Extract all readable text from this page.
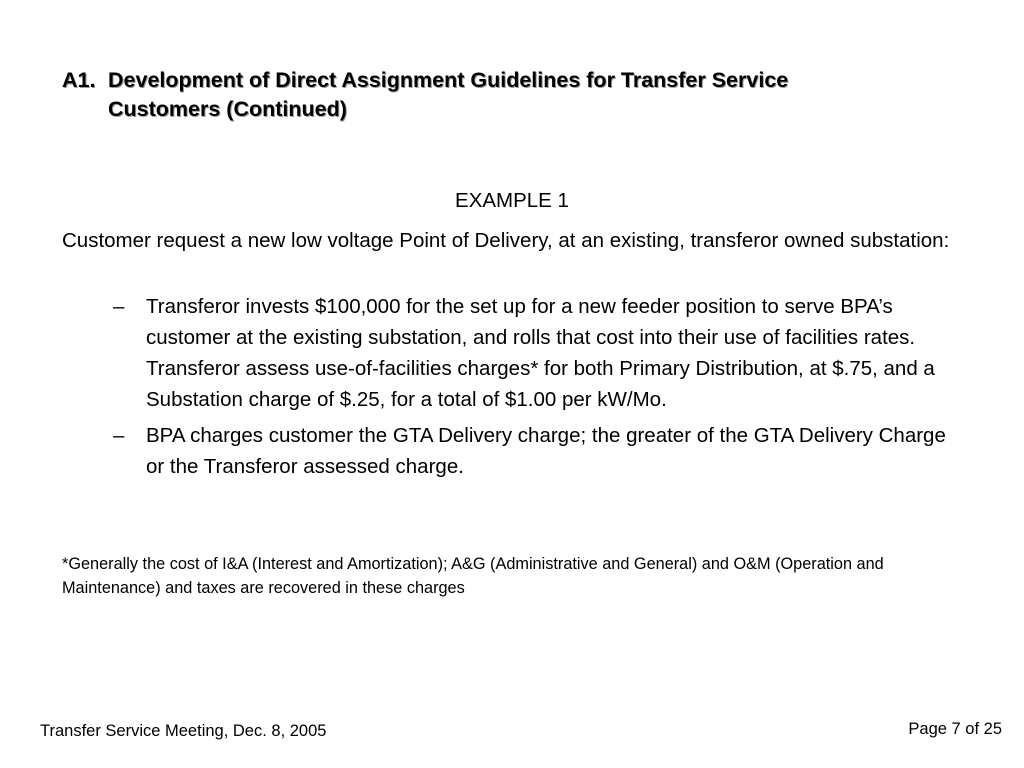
A1. Development of Direct Assignment Guidelines for Transfer Service
Customers (Continued)

EXAMPLE 1

Customer request a new low voltage Point of Delivery, at an existing, transferor owned substation:

– Transferor invests $100,000 for the set up for a new feeder position to serve BPA’s customer at the existing substation, and rolls that cost into their use of facilities rates. Transferor assess use-of-facilities charges* for both Primary Distribution, at $.75, and a Substation charge of $.25, for a total of $1.00 per kW/Mo.
– BPA charges customer the GTA Delivery charge; the greater of the GTA Delivery Charge or the Transferor assessed charge.

*Generally the cost of I&A (Interest and Amortization); A&G (Administrative and General) and O&M (Operation and Maintenance) and taxes are recovered in these charges

Transfer Service Meeting, Dec. 8, 2005	Page 7 of 25
